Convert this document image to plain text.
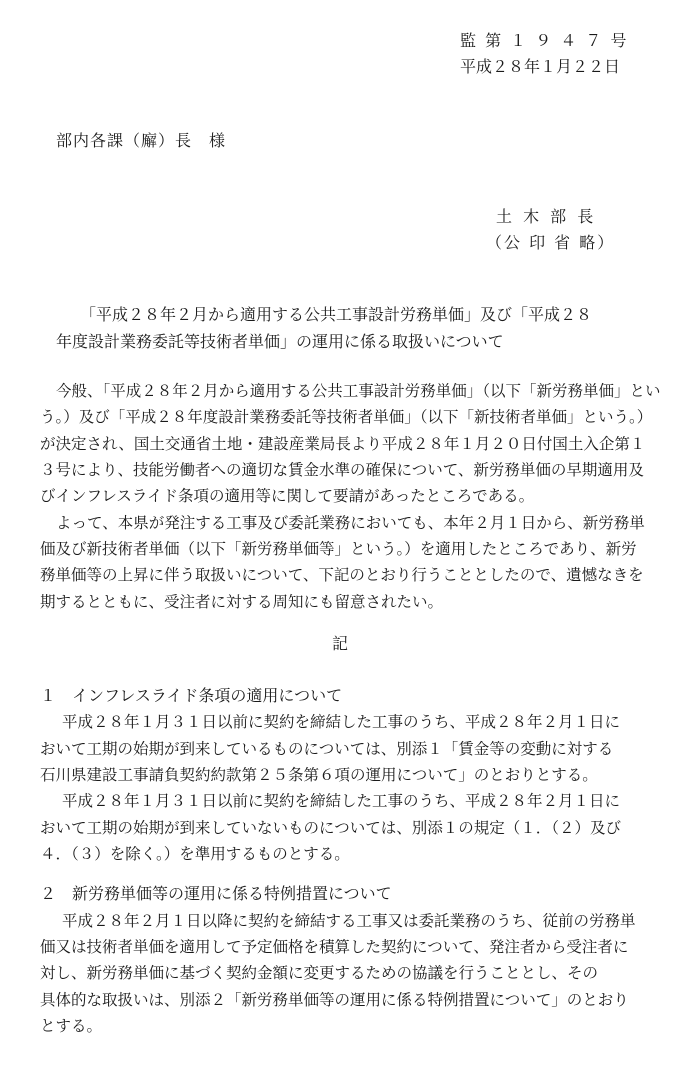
監 第 １ ９ ４ ７ 号
平成２８年１月２２日
部内各課（廨）長　様
土 木 部 長
（公 印 省 略）
「平成２８年２月から適用する公共工事設計労務単価」及び「平成２８
年度設計業務委託等技術者単価」の運用に係る取扱いについて
今般、「平成２８年２月から適用する公共工事設計労務単価」（以下「新労務単価」とい
う。）及び「平成２８年度設計業務委託等技術者単価」（以下「新技術者単価」という。）
が決定され、国土交通省土地・建設産業局長より平成２８年１月２０日付国土入企第１
３号により、技能労働者への適切な賃金水準の確保について、新労務単価の早期適用及
びインフレスライド条項の適用等に関して要請があったところである。
よって、本県が発注する工事及び委託業務においても、本年２月１日から、新労務単
価及び新技術者単価（以下「新労務単価等」という。）を適用したところであり、新労
務単価等の上昇に伴う取扱いについて、下記のとおり行うこととしたので、遺憾なきを
期するとともに、受注者に対する周知にも留意されたい。
記
１　インフレスライド条項の適用について
平成２８年１月３１日以前に契約を締結した工事のうち、平成２８年２月１日に
おいて工期の始期が到来しているものについては、別添１「賃金等の変動に対する
石川県建設工事請負契約約款第２５条第６項の運用について」のとおりとする。
平成２８年１月３１日以前に契約を締結した工事のうち、平成２８年２月１日に
おいて工期の始期が到来していないものについては、別添１の規定（１．（２）及び
４．（３）を除く。）を準用するものとする。
２　新労務単価等の運用に係る特例措置について
平成２８年２月１日以降に契約を締結する工事又は委託業務のうち、従前の労務単
価又は技術者単価を適用して予定価格を積算した契約について、発注者から受注者に
対し、新労務単価に基づく契約金額に変更するための協議を行うこととし、その
具体的な取扱いは、別添２「新労務単価等の運用に係る特例措置について」のとおり
とする。
